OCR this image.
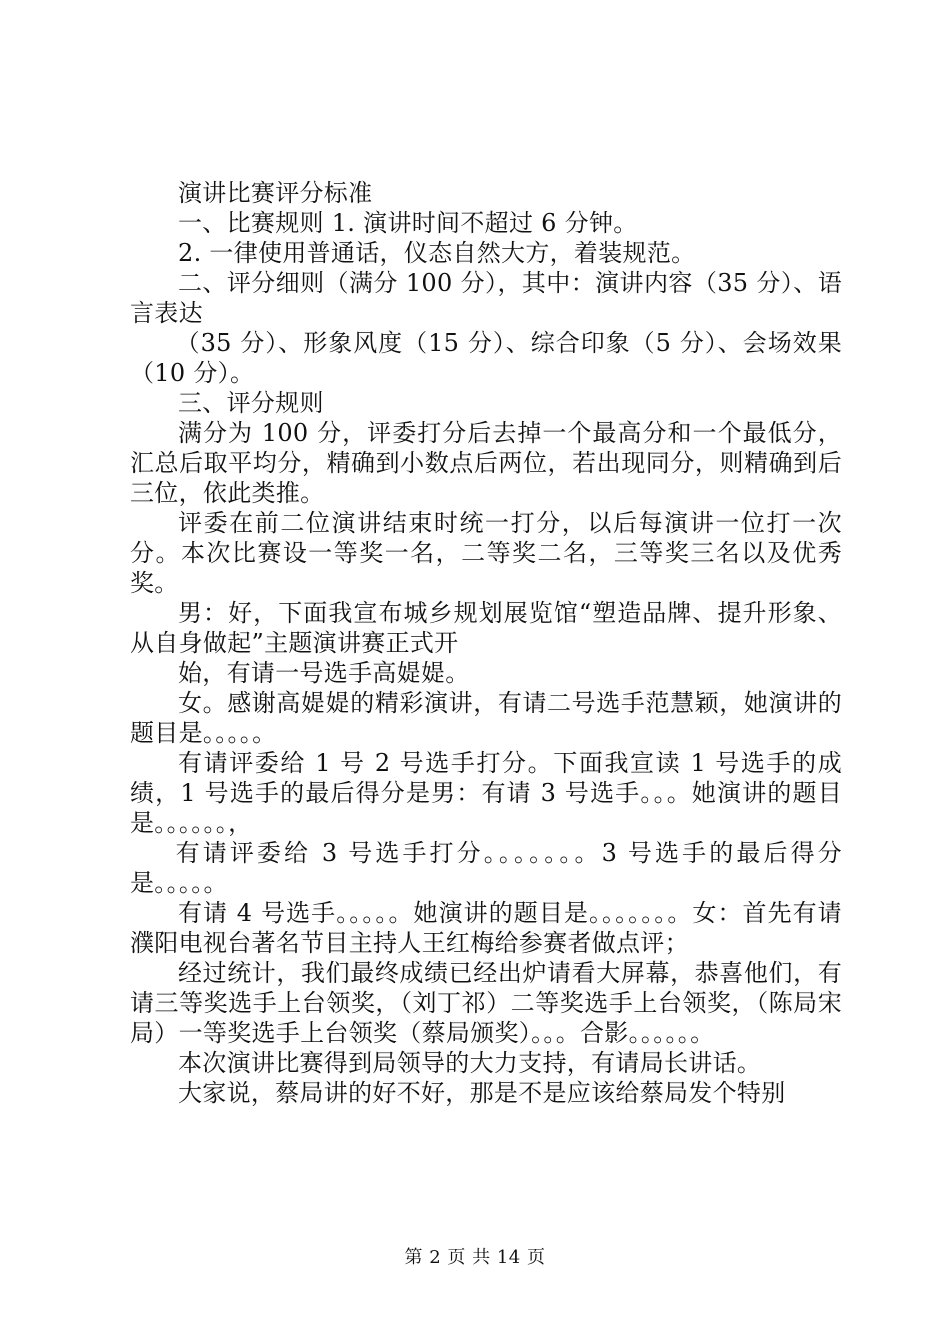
演讲比赛评分标准

一、比赛规则 1. 演讲时间不超过 6 分钟。

2. 一律使用普通话，仪态自然大方，着装规范。

二、评分细则（满分 100 分），其中：演讲内容（35 分）、语言表达

（35 分）、形象风度（15 分）、综合印象（5 分）、会场效果（10 分）。

三、评分规则

满分为 100 分，评委打分后去掉一个最高分和一个最低分，汇总后取平均分，精确到小数点后两位，若出现同分，则精确到后三位，依此类推。

评委在前二位演讲结束时统一打分，以后每演讲一位打一次分。本次比赛设一等奖一名，二等奖二名，三等奖三名以及优秀奖。

男：好，下面我宣布城乡规划展览馆“塑造品牌、提升形象、从自身做起”主题演讲赛正式开

始，有请一号选手高媞媞。

女。感谢高媞媞的精彩演讲，有请二号选手范慧颖，她演讲的题目是。。。。。

有请评委给 1 号 2 号选手打分。下面我宣读 1 号选手的成绩，1 号选手的最后得分是男：有请 3 号选手。。。她演讲的题目是。。。。。。，

有请评委给 3 号选手打分。。。。。。。3 号选手的最后得分是。。。。。

有请 4 号选手。。。。。她演讲的题目是。。。。。。。女：首先有请濮阳电视台著名节目主持人王红梅给参赛者做点评；

经过统计，我们最终成绩已经出炉请看大屏幕，恭喜他们，有请三等奖选手上台领奖，（刘丁祁）二等奖选手上台领奖，（陈局宋局）一等奖选手上台领奖（蔡局颁奖）。。。合影。。。。。。

本次演讲比赛得到局领导的大力支持，有请局长讲话。

大家说，蔡局讲的好不好，那是不是应该给蔡局发个特别

第 2 页 共 14 页
